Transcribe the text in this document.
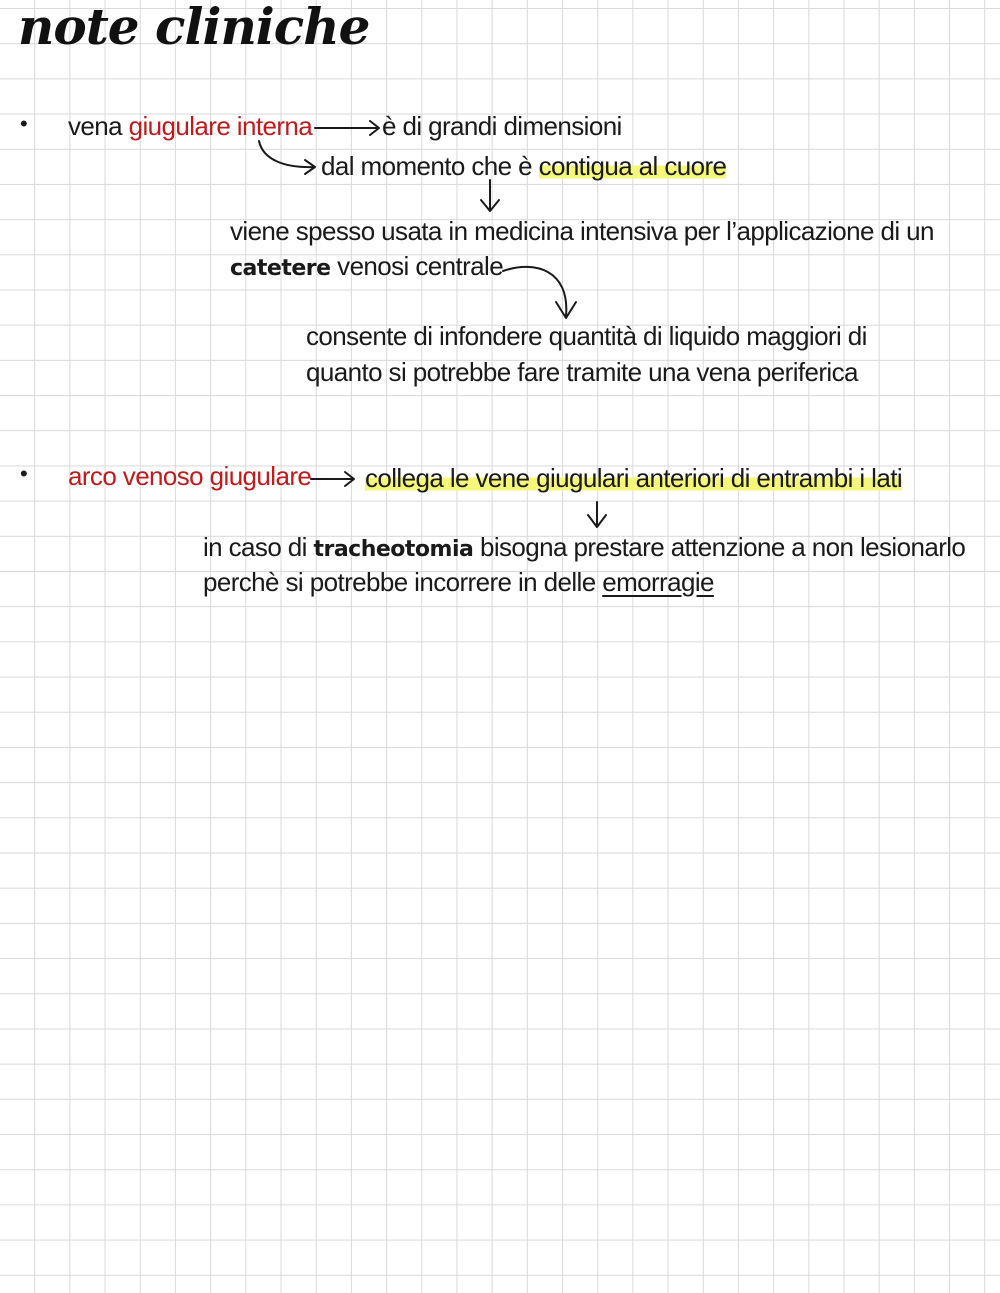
note cliniche
• vena giugulare interna	è di grandi dimensioni
dal momento che è contigua al cuore
viene spesso usata in medicina intensiva per l’applicazione di un
catetere venosi centrale
consente di infondere quantità di liquido maggiori di
quanto si potrebbe fare tramite una vena periferica
• arco venoso giugulare collega le vene giugulari anteriori di entrambi i lati
in caso di tracheotomia bisogna prestare attenzione a non lesionarlo
perchè si potrebbe incorrere in delle emorragie
